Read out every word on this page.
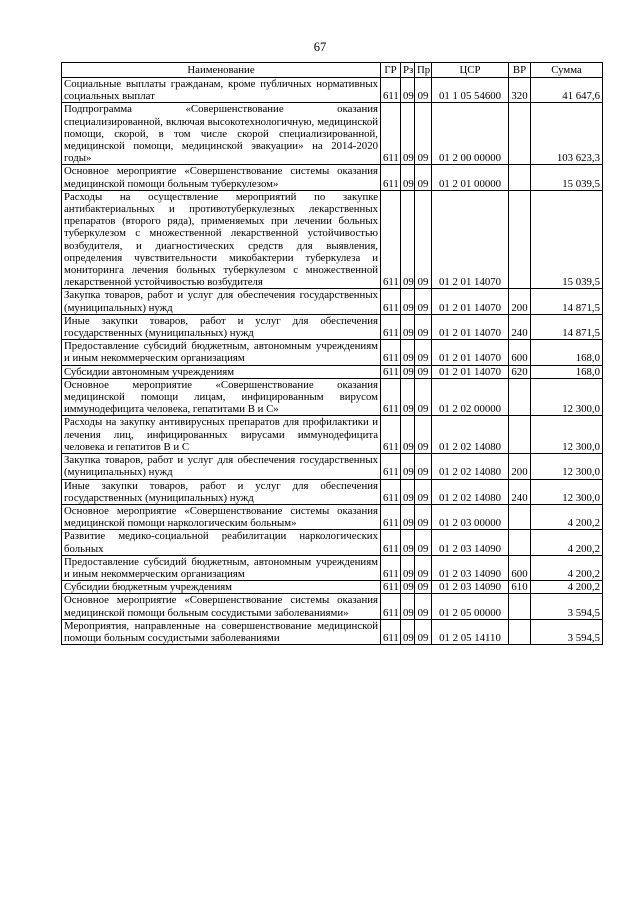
67
Наименование	ГР	Рз	Пр	ЦСР	ВР	Сумма
Социальные выплаты гражданам, кроме публичных нормативных социальных выплат	611	09	09	01 1 05 54600	320	41 647,6
Подпрограмма «Совершенствование оказания специализированной, включая высокотехнологичную, медицинской помощи, скорой, в том числе скорой специализированной, медицинской помощи, медицинской эвакуации» на 2014-2020 годы»	611	09	09	01 2 00 00000		103 623,3
Основное мероприятие «Совершенствование системы оказания медицинской помощи больным туберкулезом»	611	09	09	01 2 01 00000		15 039,5
Расходы на осуществление мероприятий по закупке антибактериальных и противотуберкулезных лекарственных препаратов (второго ряда), применяемых при лечении больных туберкулезом с множественной лекарственной устойчивостью возбудителя, и диагностических средств для выявления, определения чувствительности микобактерии туберкулеза и мониторинга лечения больных туберкулезом с множественной лекарственной устойчивостью возбудителя	611	09	09	01 2 01 14070		15 039,5
Закупка товаров, работ и услуг для обеспечения государственных (муниципальных) нужд	611	09	09	01 2 01 14070	200	14 871,5
Иные закупки товаров, работ и услуг для обеспечения государственных (муниципальных) нужд	611	09	09	01 2 01 14070	240	14 871,5
Предоставление субсидий бюджетным, автономным учреждениям и иным некоммерческим организациям	611	09	09	01 2 01 14070	600	168,0
Субсидии автономным учреждениям	611	09	09	01 2 01 14070	620	168,0
Основное мероприятие «Совершенствование оказания медицинской помощи лицам, инфицированным вирусом иммунодефицита человека, гепатитами В и С»	611	09	09	01 2 02 00000		12 300,0
Расходы на закупку антивирусных препаратов для профилактики и лечения лиц, инфицированных вирусами иммунодефицита человека и гепатитов В и С	611	09	09	01 2 02 14080		12 300,0
Закупка товаров, работ и услуг для обеспечения государственных (муниципальных) нужд	611	09	09	01 2 02 14080	200	12 300,0
Иные закупки товаров, работ и услуг для обеспечения государственных (муниципальных) нужд	611	09	09	01 2 02 14080	240	12 300,0
Основное мероприятие «Совершенствование системы оказания медицинской помощи наркологическим больным»	611	09	09	01 2 03 00000		4 200,2
Развитие медико-социальной реабилитации наркологических больных	611	09	09	01 2 03 14090		4 200,2
Предоставление субсидий бюджетным, автономным учреждениям и иным некоммерческим организациям	611	09	09	01 2 03 14090	600	4 200,2
Субсидии бюджетным учреждениям	611	09	09	01 2 03 14090	610	4 200,2
Основное мероприятие «Совершенствование системы оказания медицинской помощи больным сосудистыми заболеваниями»	611	09	09	01 2 05 00000		3 594,5
Мероприятия, направленные на совершенствование медицинской помощи больным сосудистыми заболеваниями	611	09	09	01 2 05 14110		3 594,5
